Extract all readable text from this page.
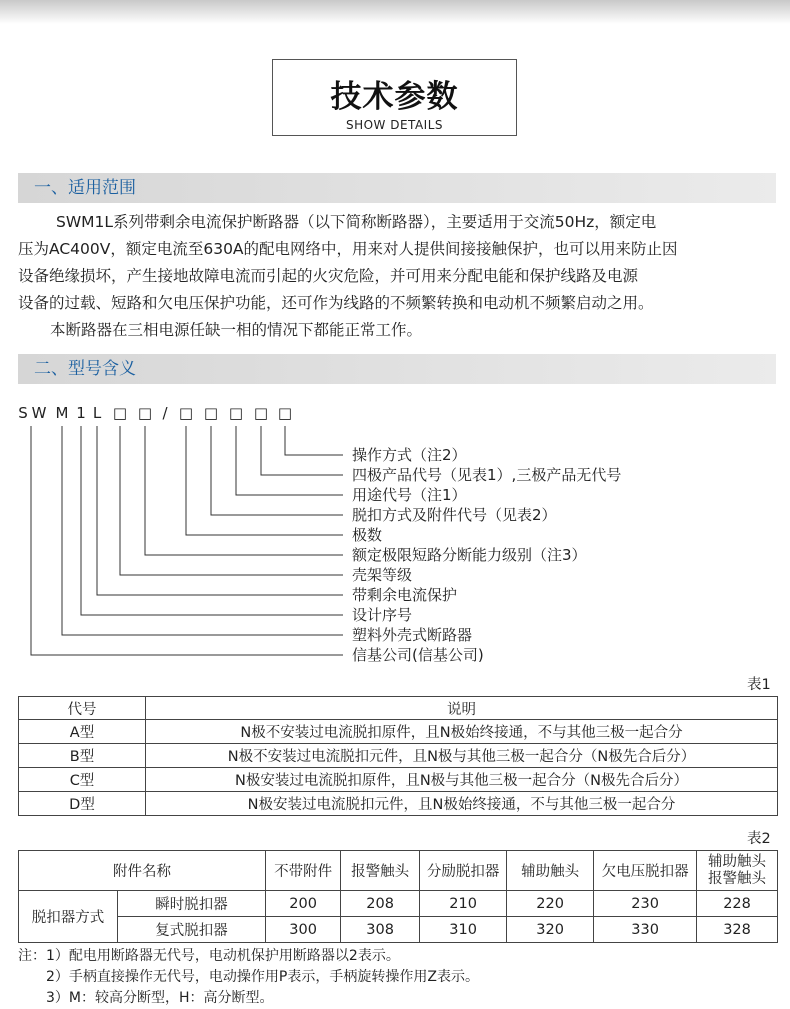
技术参数
SHOW DETAILS
一、适用范围

SWM1L系列带剩余电流保护断路器（以下简称断路器），主要适用于交流50Hz，额定电

压为AC400V，额定电流至630A的配电网络中，用来对人提供间接接触保护，也可以用来防止因

设备绝缘损坏，产生接地故障电流而引起的火灾危险，并可用来分配电能和保护线路及电源

设备的过载、短路和欠电压保护功能，还可作为线路的不频繁转换和电动机不频繁启动之用。

本断路器在三相电源任缺一相的情况下都能正常工作。

二、型号含义
S W M 1 L □ □ / □ □ □ □ □
操作方式（注2）
四极产品代号（见表1）,三极产品无代号
用途代号（注1）
脱扣方式及附件代号（见表2）
极数
额定极限短路分断能力级别（注3）
壳架等级
带剩余电流保护
设计序号
塑料外壳式断路器
信基公司(信基公司)
表1
代号	说明
A型	N极不安装过电流脱扣原件，且N极始终接通，不与其他三极一起合分
B型	N极不安装过电流脱扣元件，且N极与其他三极一起合分（N极先合后分）
C型	N极安装过电流脱扣原件，且N极与其他三极一起合分（N极先合后分）
D型	N极安装过电流脱扣元件，且N极始终接通，不与其他三极一起合分
表2
附件名称		不带附件	报警触头	分励脱扣器	辅助触头	欠电压脱扣器	辅助触头
报警触头

脱扣器方式	瞬时脱扣器	200	208	210	220	230	228
	复式脱扣器	300	308	310	320	330	328
注：1）配电用断路器无代号，电动机保护用断路器以2表示。
2）手柄直接操作无代号，电动操作用P表示，手柄旋转操作用Z表示。
3）M：较高分断型，H：高分断型。
